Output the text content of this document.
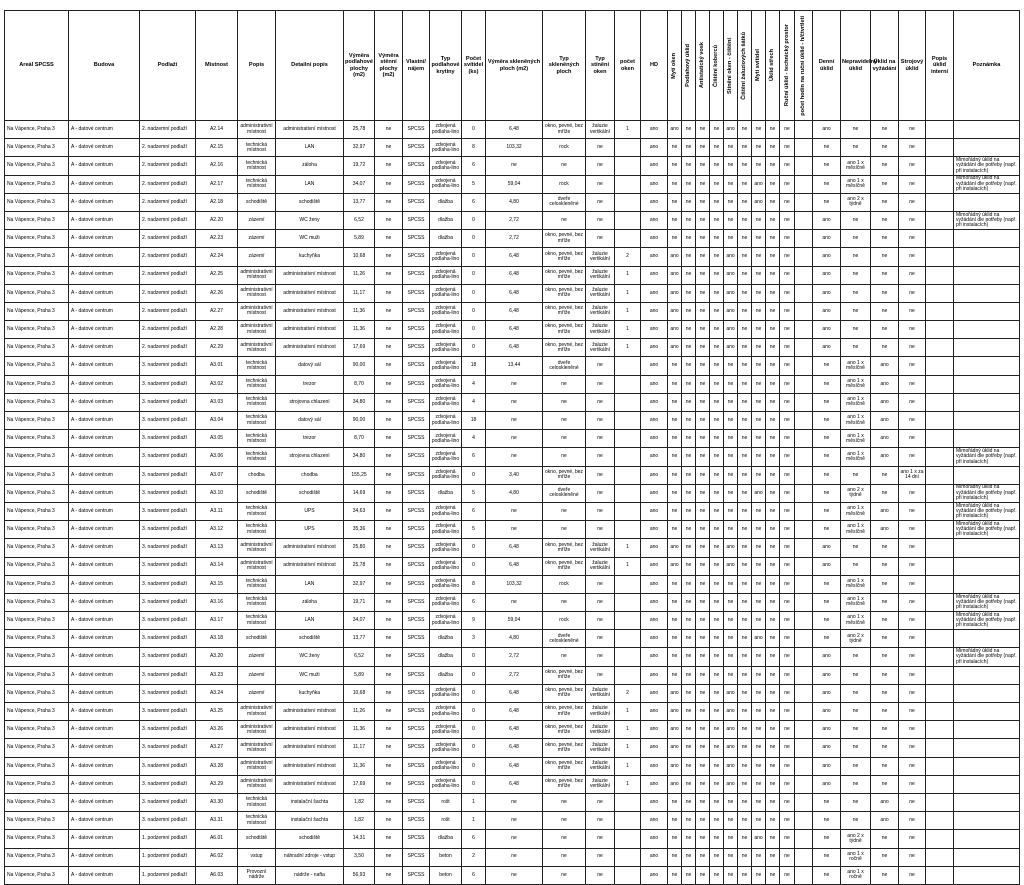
Areál SPCSS	Budova	Podlaží	Místnost	Popis	Detailní popis	Výměra podlahové plochy (m2)	Výměra stěnní plochy (m2)	Vlastní/ nájem	Typ podlahové krytiny	Počet svítidel (ks)	Výměra skleněných ploch (m2)	Typ skleněných ploch	Typ stínění oken	počet oken	HD	Mytí oken	Podlahový úklid	Antistatický vosk	Čištění koberců	Stínění oken - čištění	Čištění žaluziových šátků	Mytí svítidel	Úklid střech	Ruční úklid - technický prostor	počet hodin na ruční úklid - h/čtvrtletí	Denní úklid	Nepravidelný úklid	Úklid na vyžádání	Strojový úklid	Popis úklid interní	Poznámka
Na Vápence, Praha 3	A - datové centrum	2. nadzemní podlaží	A2.14	administrativní místnost	administrativní místnost	25,78	ne	SPCSS	zdvojená podlaha-lino	0	6,48	okno, pevné, bez mříže	žaluzie vertikální	1	ano	ano	ne	ne	ne	ano	ne	ne	ne	ne		ano	ne	ne	ne		
Na Vápence, Praha 3	A - datové centrum	2. nadzemní podlaží	A2.15	technická místnost	LAN	32,97	ne	SPCSS	zdvojená podlaha-lino	8	103,32	rock	ne		ano	ne	ne	ne	ne	ne	ne	ne	ne	ne		ne	ne	ne	ne		
Na Vápence, Praha 3	A - datové centrum	2. nadzemní podlaží	A2.16	technická místnost	záloha	19,72	ne	SPCSS	zdvojená podlaha-lino	6	ne	ne	ne		ano	ne	ne	ne	ne	ne	ne	ne	ne	ne		ne	ano 1 x měsíčně	ne	ne		Mimořádný úklid na vyžádání dle potřeby (např. při instalacích)
Na Vápence, Praha 3	A - datové centrum	2. nadzemní podlaží	A2.17	technická místnost	LAN	34,07	ne	SPCSS	zdvojená podlaha-lino	5	59,04	rock	ne		ano	ne	ne	ne	ne	ne	ne	ano	ne	ne		ne	ano 1 x měsíčně	ne	ne		Mimořádný úklid na vyžádání dle potřeby (např. při instalacích)
Na Vápence, Praha 3	A - datové centrum	2. nadzemní podlaží	A2.18	schodiště	schodiště	13,77	ne	SPCSS	dlažba	6	4,80	dveře celoskleněné	ne		ano	ne	ne	ne	ne	ne	ne	ano	ne	ne		ne	ano 2 x týdně	ne	ne		
Na Vápence, Praha 3	A - datové centrum	2. nadzemní podlaží	A2.20	zázemí	WC ženy	6,52	ne	SPCSS	dlažba	0	2,72	ne	ne		ano	ne	ne	ne	ne	ne	ne	ne	ne	ne		ano	ne	ne	ne		Mimořádný úklid na vyžádání dle potřeby (např. při instalacích)
Na Vápence, Praha 3	A - datové centrum	2. nadzemní podlaží	A2.23	zázemí	WC muži	5,89	ne	SPCSS	dlažba	0	2,72	okno, pevné, bez mříže	ne		ano	ne	ne	ne	ne	ne	ne	ne	ne	ne		ano	ne	ne	ne		
Na Vápence, Praha 3	A - datové centrum	2. nadzemní podlaží	A2.24	zázemí	kuchyňka	10,68	ne	SPCSS	zdvojená podlaha-lino	0	6,48	okno, pevné, bez mříže	žaluzie vertikální	2	ano	ano	ne	ne	ne	ano	ne	ne	ne	ne		ano	ne	ne	ne		
Na Vápence, Praha 3	A - datové centrum	2. nadzemní podlaží	A2.25	administrativní místnost	administrativní místnost	11,26	ne	SPCSS	zdvojená podlaha-lino	0	6,48	okno, pevné, bez mříže	žaluzie vertikální	1	ano	ano	ne	ne	ne	ano	ne	ne	ne	ne		ano	ne	ne	ne		
Na Vápence, Praha 3	A - datové centrum	2. nadzemní podlaží	A2.26	administrativní místnost	administrativní místnost	11,17	ne	SPCSS	zdvojená podlaha-lino	0	6,48	okno, pevné, bez mříže	žaluzie vertikální	1	ano	ano	ne	ne	ne	ano	ne	ne	ne	ne		ano	ne	ne	ne		
Na Vápence, Praha 3	A - datové centrum	2. nadzemní podlaží	A2.27	administrativní místnost	administrativní místnost	11,36	ne	SPCSS	zdvojená podlaha-lino	0	6,48	okno, pevné, bez mříže	žaluzie vertikální	1	ano	ano	ne	ne	ne	ano	ne	ne	ne	ne		ano	ne	ne	ne		
Na Vápence, Praha 3	A - datové centrum	2. nadzemní podlaží	A2.28	administrativní místnost	administrativní místnost	11,36	ne	SPCSS	zdvojená podlaha-lino	0	6,48	okno, pevné, bez mříže	žaluzie vertikální	1	ano	ano	ne	ne	ne	ano	ne	ne	ne	ne		ano	ne	ne	ne		
Na Vápence, Praha 3	A - datové centrum	2. nadzemní podlaží	A2.29	administrativní místnost	administrativní místnost	17,69	ne	SPCSS	zdvojená podlaha-lino	0	6,48	okno, pevné, bez mříže	žaluzie vertikální	1	ano	ano	ne	ne	ne	ano	ne	ne	ne	ne		ano	ne	ne	ne		
Na Vápence, Praha 3	A - datové centrum	3. nadzemní podlaží	A3.01	technická místnost	datový sál	90,00	ne	SPCSS	zdvojená podlaha-lino	18	13,44	dveře celoskleněné	ne		ano	ne	ne	ne	ne	ne	ne	ne	ne	ne		ne	ano 1 x měsíčně	ano	ne		
Na Vápence, Praha 3	A - datové centrum	3. nadzemní podlaží	A3.02	technická místnost	trezor	8,70	ne	SPCSS	zdvojená podlaha-lino	4	ne	ne	ne		ano	ne	ne	ne	ne	ne	ne	ne	ne	ne		ne	ano 1 x měsíčně	ano	ne		
Na Vápence, Praha 3	A - datové centrum	3. nadzemní podlaží	A3.03	technická místnost	strojovna chlazení	34,80	ne	SPCSS	zdvojená podlaha-lino	4	ne	ne	ne		ano	ne	ne	ne	ne	ne	ne	ne	ne	ne		ne	ano 1 x měsíčně	ano	ne		
Na Vápence, Praha 3	A - datové centrum	3. nadzemní podlaží	A3.04	technická místnost	datový sál	90,00	ne	SPCSS	zdvojená podlaha-lino	18	ne	ne	ne		ano	ne	ne	ne	ne	ne	ne	ne	ne	ne		ne	ano 1 x měsíčně	ano	ne		
Na Vápence, Praha 3	A - datové centrum	3. nadzemní podlaží	A3.05	technická místnost	trezor	8,70	ne	SPCSS	zdvojená podlaha-lino	4	ne	ne	ne		ano	ne	ne	ne	ne	ne	ne	ne	ne	ne		ne	ano 1 x měsíčně	ano	ne		
Na Vápence, Praha 3	A - datové centrum	3. nadzemní podlaží	A3.06	technická místnost	strojovna chlazení	34,80	ne	SPCSS	zdvojená podlaha-lino	6	ne	ne	ne		ano	ne	ne	ne	ne	ne	ne	ne	ne	ne		ne	ano 1 x měsíčně	ano	ne		Mimořádný úklid na vyžádání dle potřeby (např. při instalacích)
Na Vápence, Praha 3	A - datové centrum	3. nadzemní podlaží	A3.07	chodba	chodba	155,25	ne	SPCSS	zdvojená podlaha-lino	0	3,40	okno, pevné, bez mříže	ne		ano	ne	ne	ne	ne	ne	ne	ne	ne	ne		ne	ne	ne	ano 1 x za 14 dní		
Na Vápence, Praha 3	A - datové centrum	3. nadzemní podlaží	A3.10	schodiště	schodiště	14,69	ne	SPCSS	dlažba	5	4,80	dveře celoskleněné	ne		ano	ne	ne	ne	ne	ne	ne	ano	ne	ne		ne	ano 2 x týdně	ne	ne		Mimořádný úklid na vyžádání dle potřeby (např. při instalacích)
Na Vápence, Praha 3	A - datové centrum	3. nadzemní podlaží	A3.11	technická místnost	UPS	34,63	ne	SPCSS	zdvojená podlaha-lino	6	ne	ne	ne		ano	ne	ne	ne	ne	ne	ne	ne	ne	ne		ne	ano 1 x měsíčně	ano	ne		Mimořádný úklid na vyžádání dle potřeby (např. při instalacích)
Na Vápence, Praha 3	A - datové centrum	3. nadzemní podlaží	A3.12	technická místnost	UPS	35,36	ne	SPCSS	zdvojená podlaha-lino	5	ne	ne	ne		ano	ne	ne	ne	ne	ne	ne	ne	ne	ne		ne	ano 1 x měsíčně	ano	ne		Mimořádný úklid na vyžádání dle potřeby (např. při instalacích)
Na Vápence, Praha 3	A - datové centrum	3. nadzemní podlaží	A3.13	administrativní místnost	administrativní místnost	25,80	ne	SPCSS	zdvojená podlaha-lino	0	6,48	okno, pevné, bez mříže	žaluzie vertikální	1	ano	ano	ne	ne	ne	ano	ne	ne	ne	ne		ano	ne	ne	ne		
Na Vápence, Praha 3	A - datové centrum	3. nadzemní podlaží	A3.14	administrativní místnost	administrativní místnost	25,78	ne	SPCSS	zdvojená podlaha-lino	0	6,48	okno, pevné, bez mříže	žaluzie vertikální	1	ano	ano	ne	ne	ne	ano	ne	ne	ne	ne		ano	ne	ne	ne		
Na Vápence, Praha 3	A - datové centrum	3. nadzemní podlaží	A3.15	technická místnost	LAN	32,97	ne	SPCSS	zdvojená podlaha-lino	8	103,32	rock	ne		ano	ne	ne	ne	ne	ne	ne	ne	ne	ne		ne	ano 1 x měsíčně	ne	ne		
Na Vápence, Praha 3	A - datové centrum	3. nadzemní podlaží	A3.16	technická místnost	záloha	19,71	ne	SPCSS	zdvojená podlaha-lino	6	ne	ne	ne		ano	ne	ne	ne	ne	ne	ne	ne	ne	ne		ne	ano 1 x měsíčně	ne	ne		Mimořádný úklid na vyžádání dle potřeby (např. při instalacích)
Na Vápence, Praha 3	A - datové centrum	3. nadzemní podlaží	A3.17	technická místnost	LAN	34,07	ne	SPCSS	zdvojená podlaha-lino	9	59,04	rock	ne		ano	ne	ne	ne	ne	ne	ne	ne	ne	ne		ne	ano 1 x měsíčně	ne	ne		Mimořádný úklid na vyžádání dle potřeby (např. při instalacích)
Na Vápence, Praha 3	A - datové centrum	3. nadzemní podlaží	A3.18	schodiště	schodiště	13,77	ne	SPCSS	dlažba	3	4,80	dveře celoskleněné	ne		ano	ne	ne	ne	ne	ne	ne	ano	ne	ne		ne	ano 2 x týdně	ne	ne		
Na Vápence, Praha 3	A - datové centrum	3. nadzemní podlaží	A3.20	zázemí	WC ženy	6,52	ne	SPCSS	dlažba	0	2,72	ne	ne		ano	ne	ne	ne	ne	ne	ne	ne	ne	ne		ano	ne	ne	ne		Mimořádný úklid na vyžádání dle potřeby (např. při instalacích)
Na Vápence, Praha 3	A - datové centrum	3. nadzemní podlaží	A3.23	zázemí	WC muži	5,89	ne	SPCSS	dlažba	0	2,72	okno, pevné, bez mříže	ne		ano	ne	ne	ne	ne	ne	ne	ne	ne	ne		ano	ne	ne	ne		
Na Vápence, Praha 3	A - datové centrum	3. nadzemní podlaží	A3.24	zázemí	kuchyňka	10,68	ne	SPCSS	zdvojená podlaha-lino	0	6,48	okno, pevné, bez mříže	žaluzie vertikální	2	ano	ano	ne	ne	ne	ano	ne	ne	ne	ne		ano	ne	ne	ne		
Na Vápence, Praha 3	A - datové centrum	3. nadzemní podlaží	A3.25	administrativní místnost	administrativní místnost	11,26	ne	SPCSS	zdvojená podlaha-lino	0	6,48	okno, pevné, bez mříže	žaluzie vertikální	1	ano	ano	ne	ne	ne	ano	ne	ne	ne	ne		ano	ne	ne	ne		
Na Vápence, Praha 3	A - datové centrum	3. nadzemní podlaží	A3.26	administrativní místnost	administrativní místnost	11,36	ne	SPCSS	zdvojená podlaha-lino	0	6,48	okno, pevné, bez mříže	žaluzie vertikální	1	ano	ano	ne	ne	ne	ano	ne	ne	ne	ne		ano	ne	ne	ne		
Na Vápence, Praha 3	A - datové centrum	3. nadzemní podlaží	A3.27	administrativní místnost	administrativní místnost	11,17	ne	SPCSS	zdvojená podlaha-lino	0	6,48	okno, pevné, bez mříže	žaluzie vertikální	1	ano	ano	ne	ne	ne	ano	ne	ne	ne	ne		ano	ne	ne	ne		
Na Vápence, Praha 3	A - datové centrum	3. nadzemní podlaží	A3.28	administrativní místnost	administrativní místnost	11,36	ne	SPCSS	zdvojená podlaha-lino	0	6,48	okno, pevné, bez mříže	žaluzie vertikální	1	ano	ano	ne	ne	ne	ano	ne	ne	ne	ne		ano	ne	ne	ne		
Na Vápence, Praha 3	A - datové centrum	3. nadzemní podlaží	A3.29	administrativní místnost	administrativní místnost	17,69	ne	SPCSS	zdvojená podlaha-lino	0	6,48	okno, pevné, bez mříže	žaluzie vertikální	1	ano	ano	ne	ne	ne	ano	ne	ne	ne	ne		ano	ne	ne	ne		
Na Vápence, Praha 3	A - datové centrum	3. nadzemní podlaží	A3.30	technická místnost	instalační šachta	1,82	ne	SPCSS	rošt	1	ne	ne	ne		ano	ne	ne	ne	ne	ne	ne	ne	ne	ne		ne	ne	ano	ne		
Na Vápence, Praha 3	A - datové centrum	3. nadzemní podlaží	A3.31	technická místnost	instalační šachta	1,82	ne	SPCSS	rošt	1	ne	ne	ne		ano	ne	ne	ne	ne	ne	ne	ne	ne	ne		ne	ne	ano	ne		
Na Vápence, Praha 3	A - datové centrum	1. podzemní podlaží	A6.01	schodiště	schodiště	14,31	ne	SPCSS	dlažba	6	ne	ne	ne		ano	ne	ne	ne	ne	ne	ne	ano	ne	ne		ne	ano 2 x týdně	ne	ne		
Na Vápence, Praha 3	A - datové centrum	1. podzemní podlaží	A6.02	vstup	náhradní zdroje - vstup	3,50	ne	SPCSS	beton	2	ne	ne	ne		ano	ne	ne	ne	ne	ne	ne	ne	ne	ne		ne	ano 1 x ročně	ne	ne		
Na Vápence, Praha 3	A - datové centrum	1. podzemní podlaží	A6.03	Provozní nádrže	nádrže - nafta	56,93	ne	SPCSS	beton	6	ne	ne	ne		ano	ne	ne	ne	ne	ne	ne	ne	ne	ne		ne	ano 1 x ročně	ne	ne		
